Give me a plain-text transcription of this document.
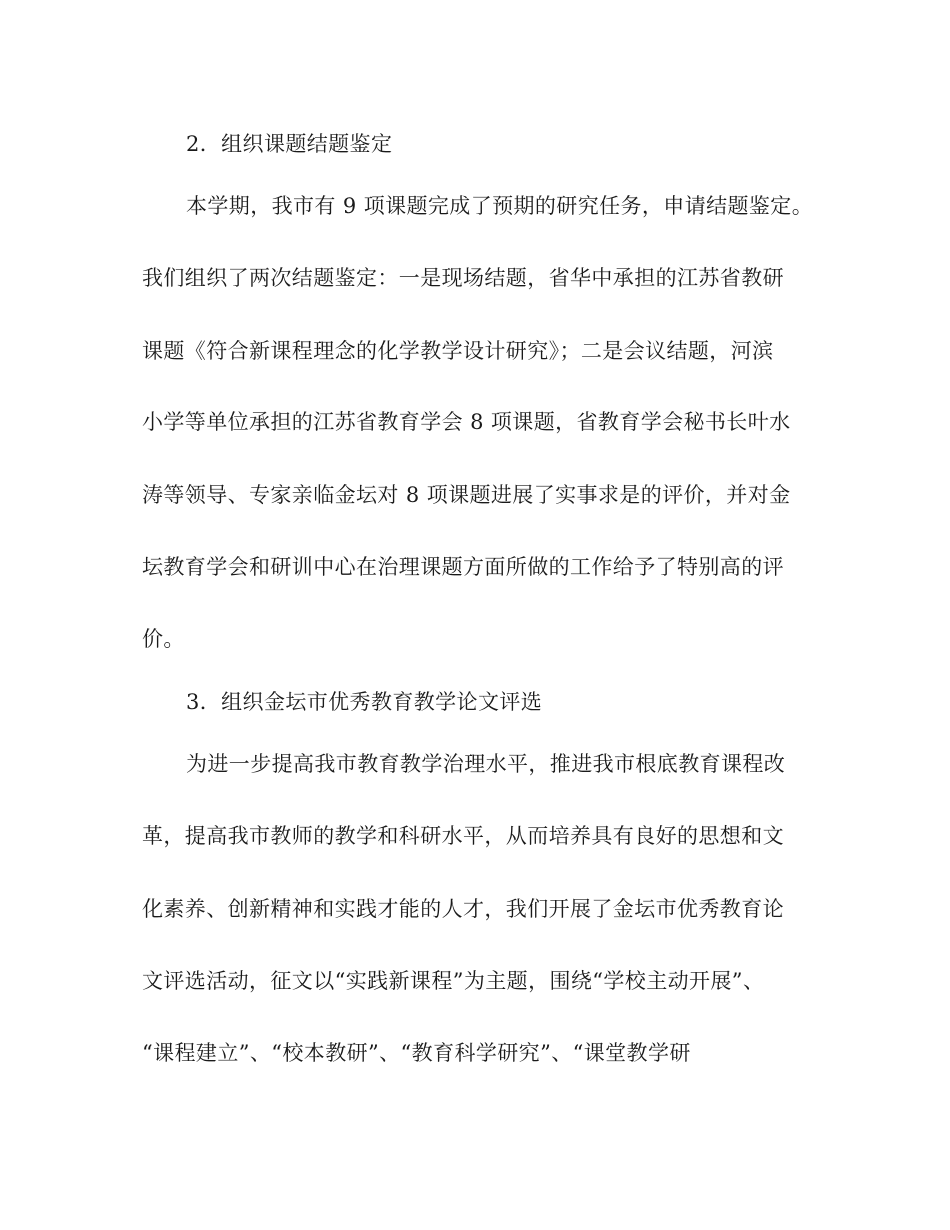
2．组织课题结题鉴定
本学期，我市有 9 项课题完成了预期的研究任务，申请结题鉴定。
我们组织了两次结题鉴定：一是现场结题，省华中承担的江苏省教研
课题《符合新课程理念的化学教学设计研究》；二是会议结题，河滨
小学等单位承担的江苏省教育学会 8 项课题，省教育学会秘书长叶水
涛等领导、专家亲临金坛对 8 项课题进展了实事求是的评价，并对金
坛教育学会和研训中心在治理课题方面所做的工作给予了特别高的评
价。
3．组织金坛市优秀教育教学论文评选
为进一步提高我市教育教学治理水平，推进我市根底教育课程改
革，提高我市教师的教学和科研水平，从而培养具有良好的思想和文
化素养、创新精神和实践才能的人才，我们开展了金坛市优秀教育论
文评选活动，征文以“实践新课程”为主题，围绕“学校主动开展”、
“课程建立”、“校本教研”、“教育科学研究”、“课堂教学研
